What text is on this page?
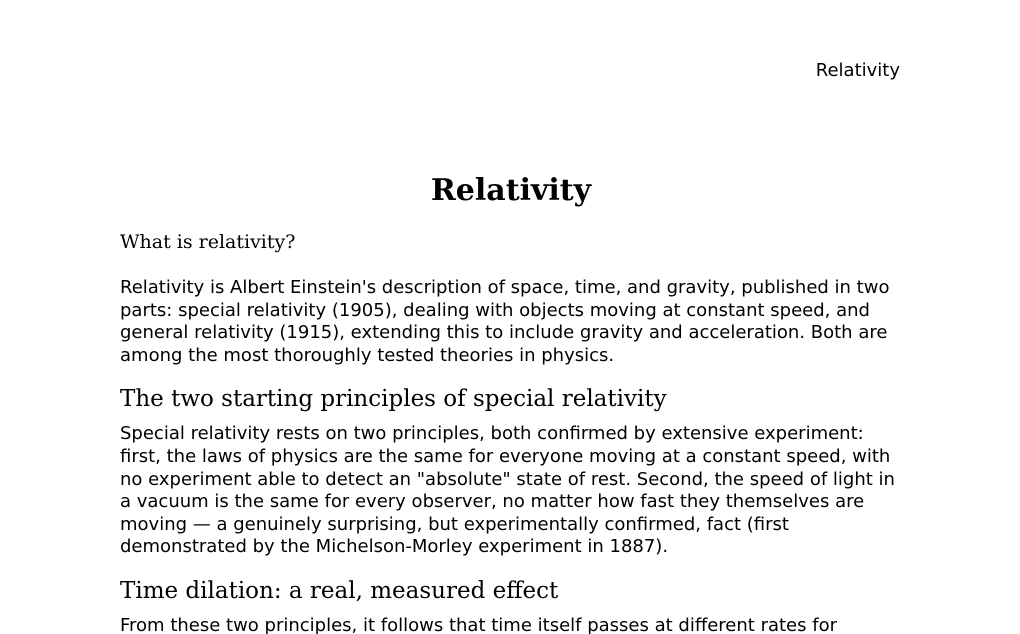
Relativity
Relativity
What is relativity?

Relativity is Albert Einstein's description of space, time, and gravity, published in two parts: special relativity (1905), dealing with objects moving at constant speed, and general relativity (1915), extending this to include gravity and acceleration. Both are among the most thoroughly tested theories in physics.

The two starting principles of special relativity

Special relativity rests on two principles, both confirmed by extensive experiment: first, the laws of physics are the same for everyone moving at a constant speed, with no experiment able to detect an "absolute" state of rest. Second, the speed of light in a vacuum is the same for every observer, no matter how fast they themselves are moving — a genuinely surprising, but experimentally confirmed, fact (first demonstrated by the Michelson-Morley experiment in 1887).

Time dilation: a real, measured effect

From these two principles, it follows that time itself passes at different rates for
